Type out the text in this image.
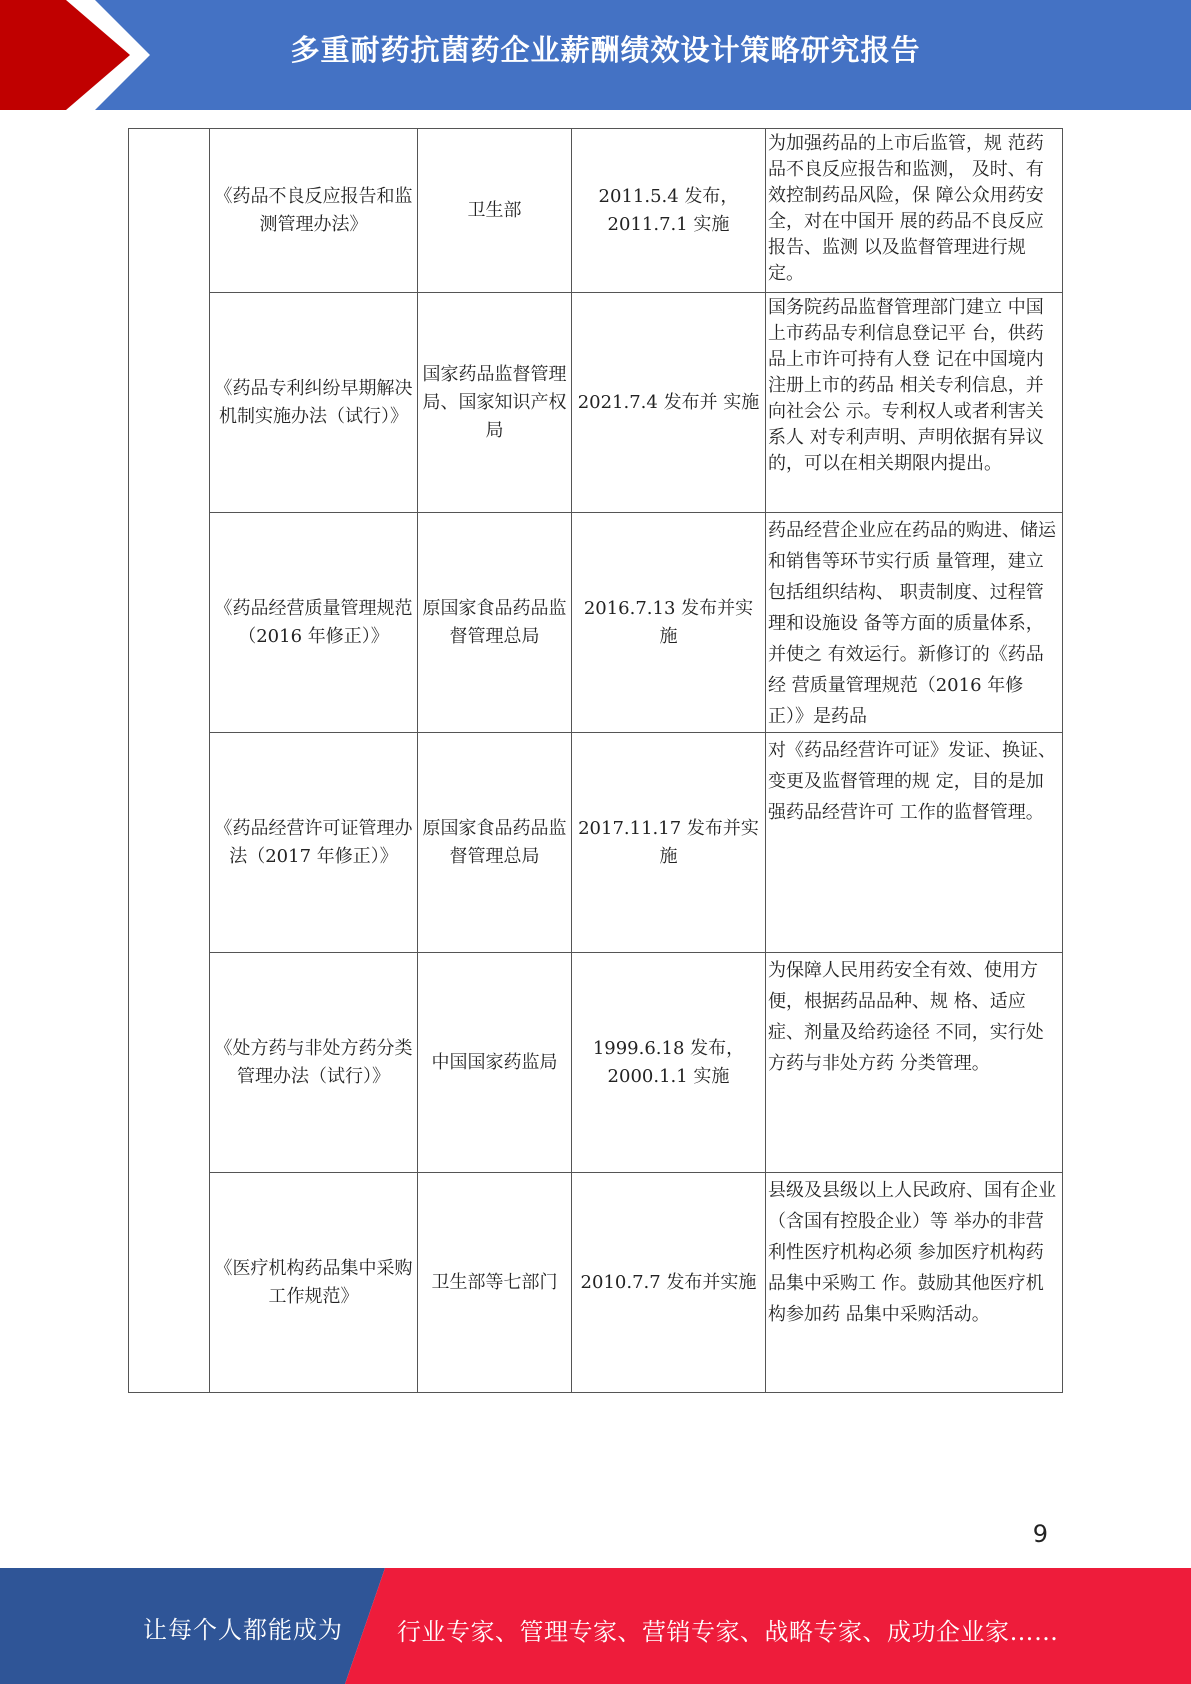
多重耐药抗菌药企业薪酬绩效设计策略研究报告
	《药品不良反应报告和监测管理办法》	卫生部	2011.5.4 发布，2011.7.1 实施	为加强药品的上市后监管，规 范药品不良反应报告和监测， 及时、有效控制药品风险，保 障公众用药安全，对在中国开 展的药品不良反应报告、监测 以及监督管理进行规定。
	《药品专利纠纷早期解决机制实施办法（试行）》	国家药品监督管理局、国家知识产权局	2021.7.4 发布并 实施	国务院药品监督管理部门建立 中国上市药品专利信息登记平 台，供药品上市许可持有人登 记在中国境内注册上市的药品 相关专利信息，并向社会公 示。专利权人或者利害关系人 对专利声明、声明依据有异议 的，可以在相关期限内提出。
	《药品经营质量管理规范（2016 年修正）》	原国家食品药品监督管理总局	2016.7.13 发布并实施	药品经营企业应在药品的购进、储运和销售等环节实行质 量管理，建立包括组织结构、 职责制度、过程管理和设施设 备等方面的质量体系，并使之 有效运行。新修订的《药品经 营质量管理规范（2016 年修 正）》是药品
	《药品经营许可证管理办法（2017 年修正）》	原国家食品药品监督管理总局	2017.11.17 发布并实施	对《药品经营许可证》发证、换证、变更及监督管理的规 定，目的是加强药品经营许可 工作的监督管理。
	《处方药与非处方药分类管理办法（试行）》	中国国家药监局	1999.6.18 发布，2000.1.1 实施	为保障人民用药安全有效、使用方便，根据药品品种、规 格、适应症、剂量及给药途径 不同，实行处方药与非处方药 分类管理。
	《医疗机构药品集中采购工作规范》	卫生部等七部门	2010.7.7 发布并实施	县级及县级以上人民政府、国有企业（含国有控股企业）等 举办的非营利性医疗机构必须 参加医疗机构药品集中采购工 作。鼓励其他医疗机构参加药 品集中采购活动。
9
让每个人都能成为 行业专家、管理专家、营销专家、战略专家、成功企业家……
